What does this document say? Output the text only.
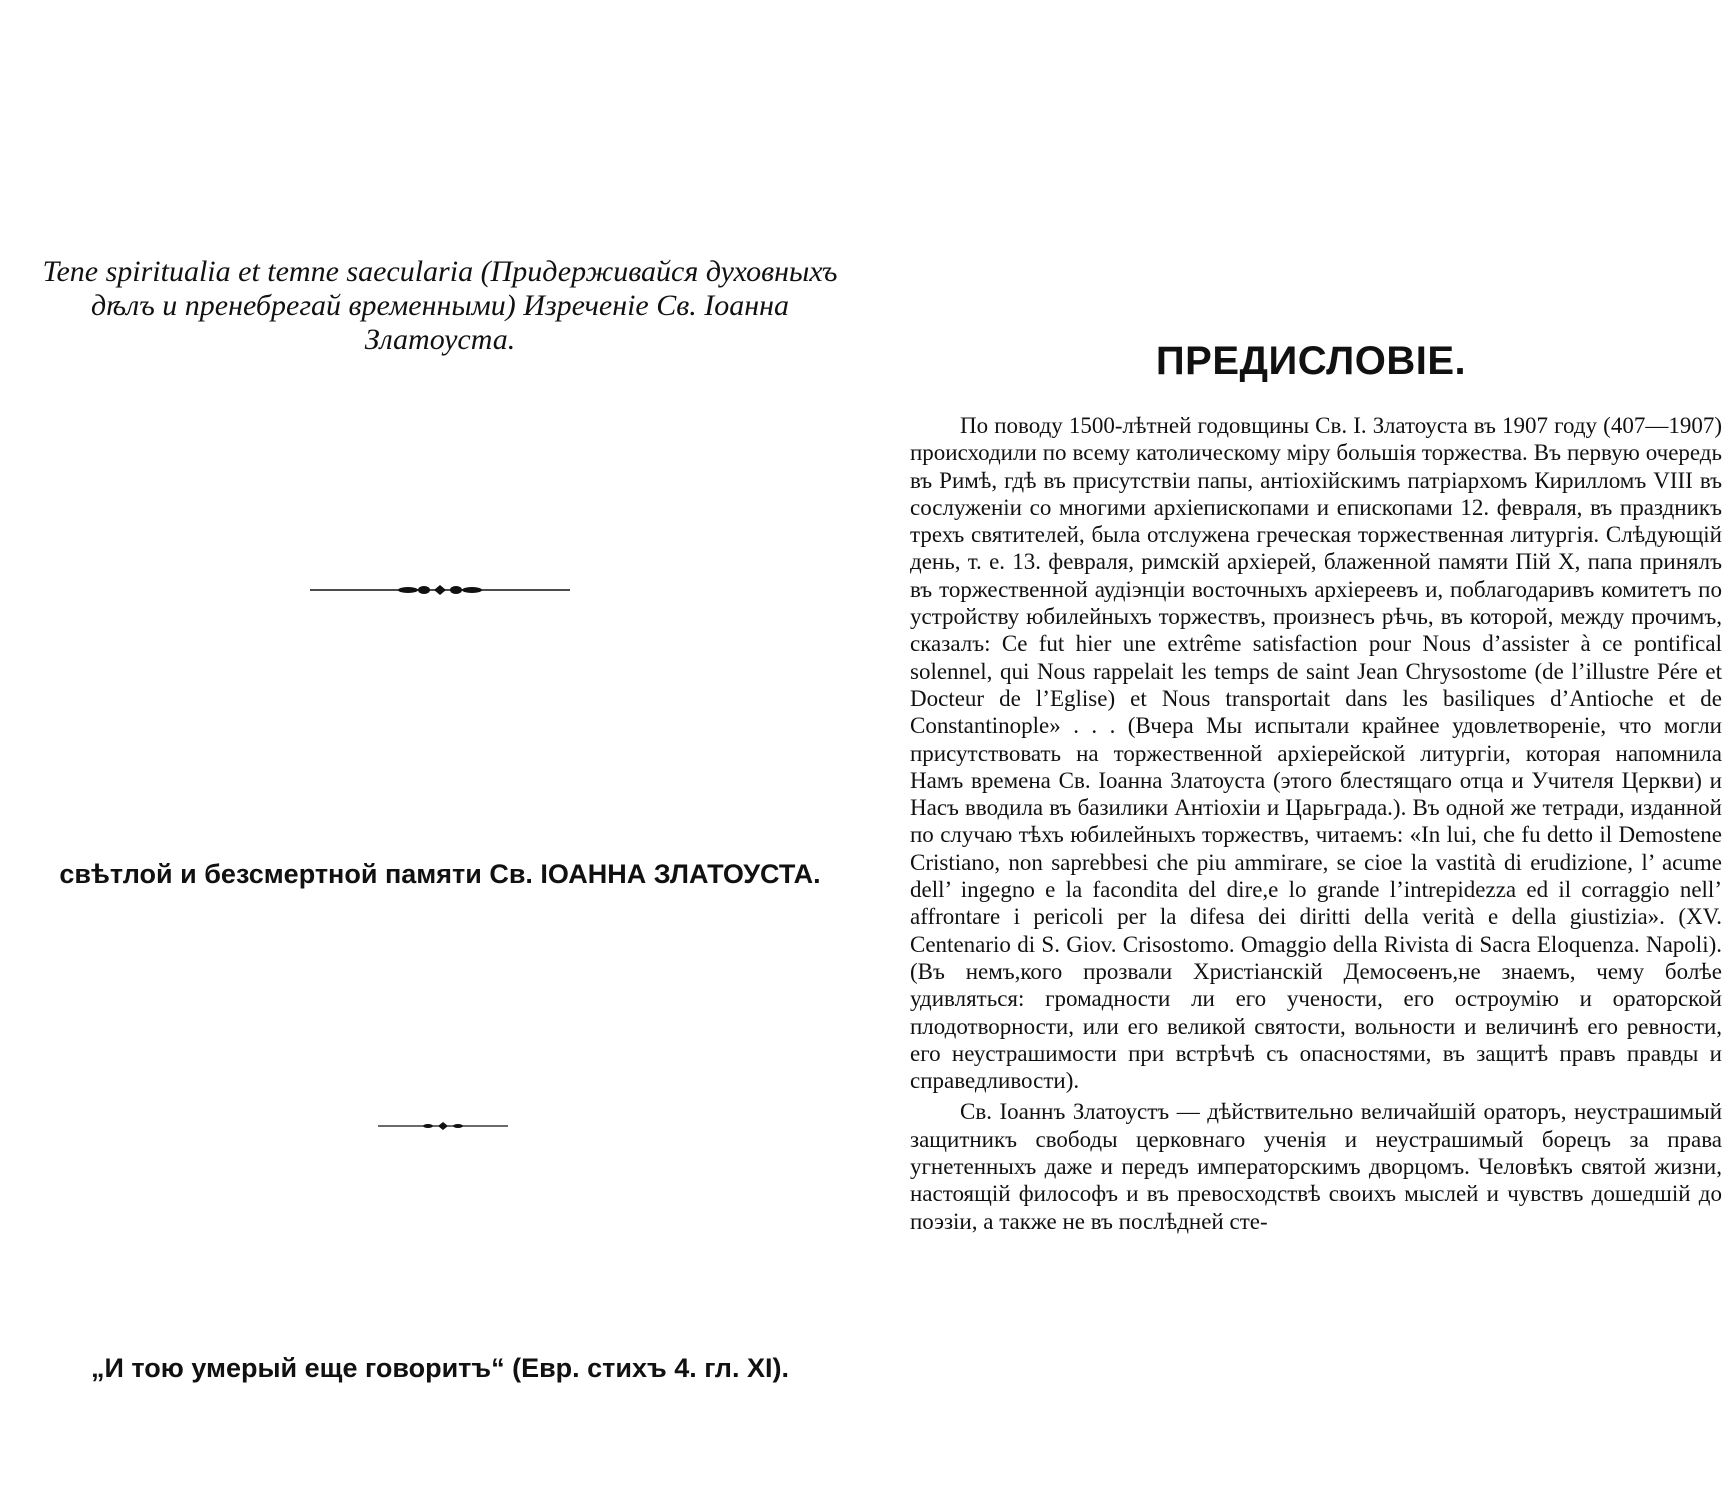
Tene spiritualia et temne saecularia (Придерживайся духовныхъ дѣлъ и пренебрегай временными) Изреченіе Св. Іоанна Златоуста.
свѣтлой и безсмертной памяти Св. ІОАННА ЗЛАТОУСТА.
„И тою умерый еще говоритъ“ (Евр. стихъ 4. гл. XI).
ПРЕДИСЛОВІЕ.

По поводу 1500-лѣтней годовщины Св. І. Златоуста въ 1907 году (407—1907) происходили по всему католическому міру большія торжества. Въ первую очередь въ Римѣ, гдѣ въ присутствіи папы, антіохійскимъ патріархомъ Кирилломъ VIII въ сослуженіи со многими архіепископами и епископами 12. февраля, въ праздникъ трехъ святителей, была отслужена греческая торжественная литургія. Слѣдующій день, т. е. 13. февраля, римскій архіерей, блаженной памяти Пій X, папа принялъ въ торжественной аудіэнціи восточныхъ архіереевъ и, поблагодаривъ комитетъ по устройству юбилейныхъ торжествъ, произнесъ рѣчь, въ которой, между прочимъ, сказалъ: Ce fut hier une extrême satisfaction pour Nous d’assister à ce pontifical solennel, qui Nous rappelait les temps de saint Jean Chrysostome (de l’illustre Pére et Docteur de l’Eglise) et Nous transportait dans les basiliques d’Antioche et de Constantinople» . . . (Вчера Мы испытали крайнее удовлетвореніе, что могли присутствовать на торжественной архіерейской литургіи, которая напомнила Намъ времена Св. Іоанна Златоуста (этого блестящаго отца и Учителя Церкви) и Насъ вводила въ базилики Антіохіи и Царьграда.). Въ одной же тетради, изданной по случаю тѣхъ юбилейныхъ торжествъ, читаемъ: «In lui, che fu detto il Demostene Cristiano, non saprebbesi che piu ammirare, se cioe la vastità di erudizione, l’ acume dell’ ingegno e la facondita del dire,e lo grande l’intrepidezza ed il corraggio nell’ affrontare i pericoli per la difesa dei diritti della verità e della giustizia». (XV. Centenario di S. Giov. Crisostomo. Omaggio della Rivista di Sacra Eloquenza. Napoli). (Въ немъ,кого прозвали Христіанскій Демосѳенъ,не знаемъ, чему болѣе удивляться: громадности ли его учености, его остроумію и ораторской плодотворности, или его великой святости, вольности и величинѣ его ревности, его неустрашимости при встрѣчѣ съ опасностями, въ защитѣ правъ правды и справедливости).

Св. Іоаннъ Златоустъ — дѣйствительно величайшій ораторъ, неустрашимый защитникъ свободы церковнаго ученія и неустрашимый борецъ за права угнетенныхъ даже и передъ императорскимъ дворцомъ. Человѣкъ святой жизни, настоящій философъ и въ превосходствѣ своихъ мыслей и чувствъ дошедшій до поэзіи, а также не въ послѣдней сте-
